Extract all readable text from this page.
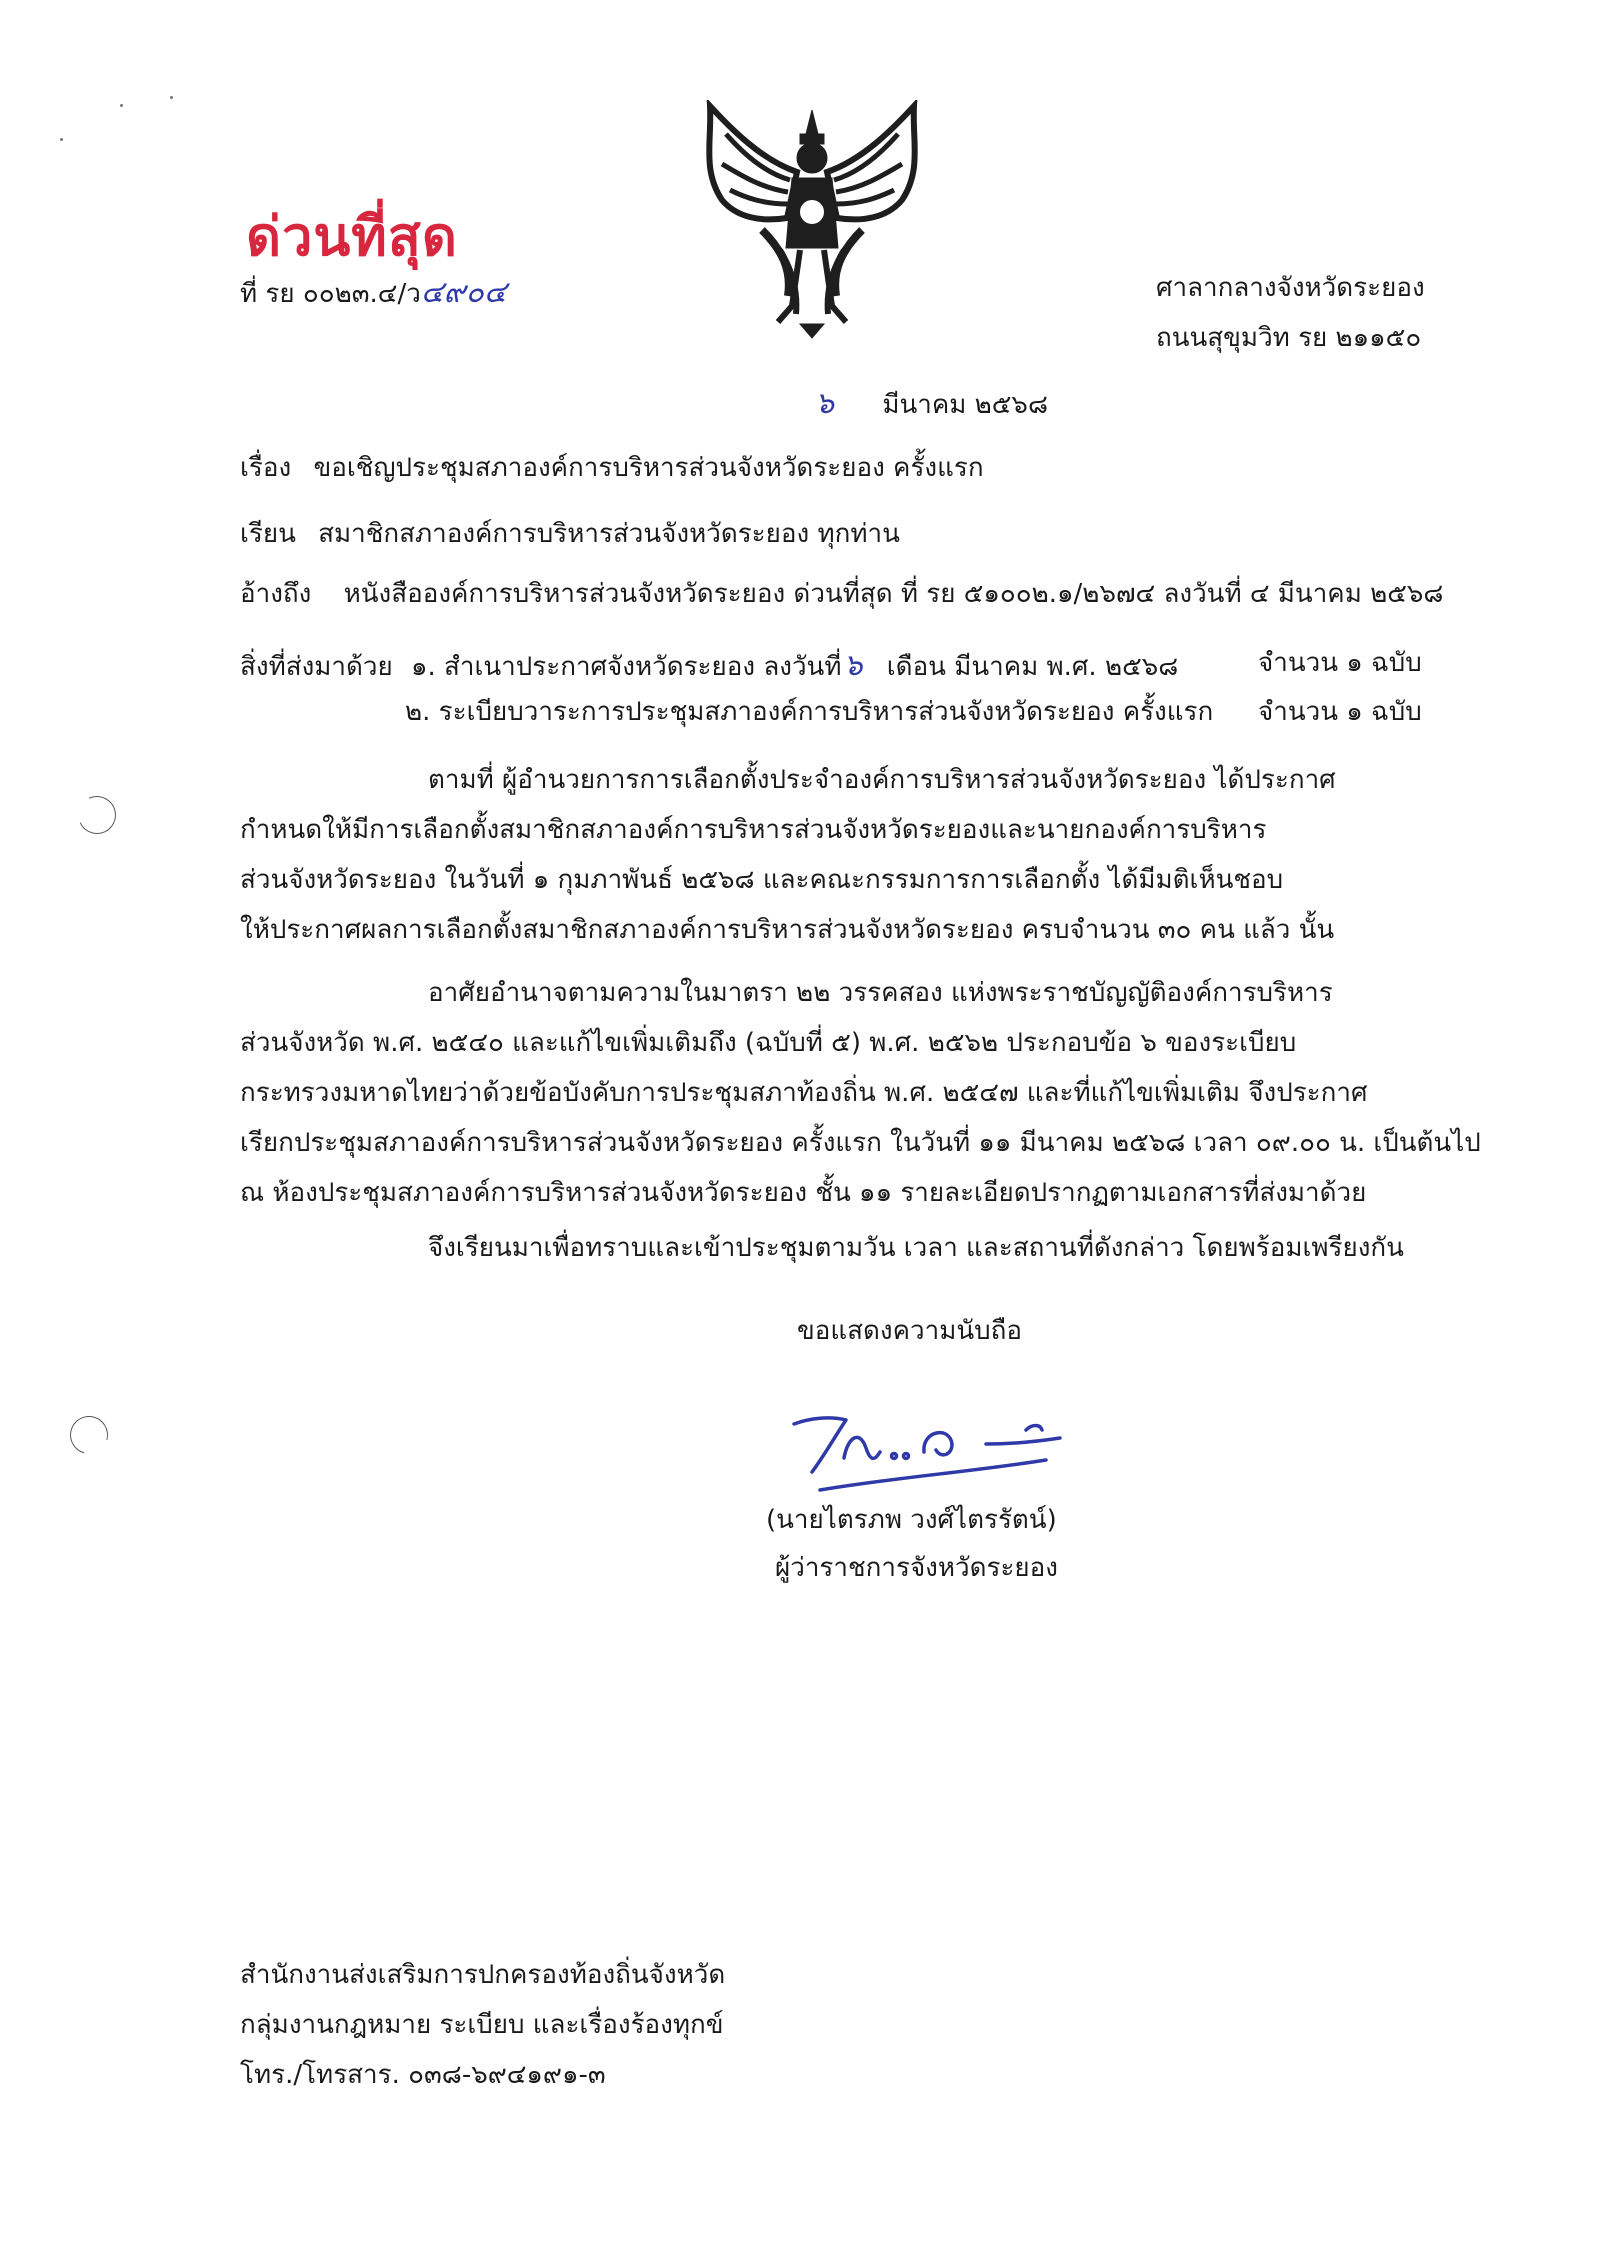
ด่วนที่สุด
ที่ รย ๐๐๒๓.๔/ว๔๙๐๔	ศาลากลางจังหวัดระยอง
ถนนสุขุมวิท รย ๒๑๑๕๐
๖ มีนาคม ๒๕๖๘
เรื่อง ขอเชิญประชุมสภาองค์การบริหารส่วนจังหวัดระยอง ครั้งแรก
เรียน สมาชิกสภาองค์การบริหารส่วนจังหวัดระยอง ทุกท่าน
อ้างถึง หนังสือองค์การบริหารส่วนจังหวัดระยอง ด่วนที่สุด ที่ รย ๕๑๐๐๒.๑/๒๖๗๔ ลงวันที่ ๔ มีนาคม ๒๕๖๘
สิ่งที่ส่งมาด้วย ๑. สำเนาประกาศจังหวัดระยอง ลงวันที่๖ เดือน มีนาคม พ.ศ. ๒๕๖๘	จำนวน ๑ ฉบับ
๒. ระเบียบวาระการประชุมสภาองค์การบริหารส่วนจังหวัดระยอง ครั้งแรก จำนวน ๑ ฉบับ
ตามที่ ผู้อำนวยการการเลือกตั้งประจำองค์การบริหารส่วนจังหวัดระยอง ได้ประกาศ
กำหนดให้มีการเลือกตั้งสมาชิกสภาองค์การบริหารส่วนจังหวัดระยองและนายกองค์การบริหาร
ส่วนจังหวัดระยอง ในวันที่ ๑ กุมภาพันธ์ ๒๕๖๘ และคณะกรรมการการเลือกตั้ง ได้มีมติเห็นชอบ
ให้ประกาศผลการเลือกตั้งสมาชิกสภาองค์การบริหารส่วนจังหวัดระยอง ครบจำนวน ๓๐ คน แล้ว นั้น
อาศัยอำนาจตามความในมาตรา ๒๒ วรรคสอง แห่งพระราชบัญญัติองค์การบริหาร
ส่วนจังหวัด พ.ศ. ๒๕๔๐ และแก้ไขเพิ่มเติมถึง (ฉบับที่ ๕) พ.ศ. ๒๕๖๒ ประกอบข้อ ๖ ของระเบียบ
กระทรวงมหาดไทยว่าด้วยข้อบังคับการประชุมสภาท้องถิ่น พ.ศ. ๒๕๔๗ และที่แก้ไขเพิ่มเติม จึงประกาศ
เรียกประชุมสภาองค์การบริหารส่วนจังหวัดระยอง ครั้งแรก ในวันที่ ๑๑ มีนาคม ๒๕๖๘ เวลา ๐๙.๐๐ น. เป็นต้นไป
ณ ห้องประชุมสภาองค์การบริหารส่วนจังหวัดระยอง ชั้น ๑๑ รายละเอียดปรากฏตามเอกสารที่ส่งมาด้วย
จึงเรียนมาเพื่อทราบและเข้าประชุมตามวัน เวลา และสถานที่ดังกล่าว โดยพร้อมเพรียงกัน
ขอแสดงความนับถือ
(นายไตรภพ วงศ์ไตรรัตน์)
ผู้ว่าราชการจังหวัดระยอง
สำนักงานส่งเสริมการปกครองท้องถิ่นจังหวัด
กลุ่มงานกฎหมาย ระเบียบ และเรื่องร้องทุกข์
โทร./โทรสาร. ๐๓๘-๖๙๔๑๙๑-๓
